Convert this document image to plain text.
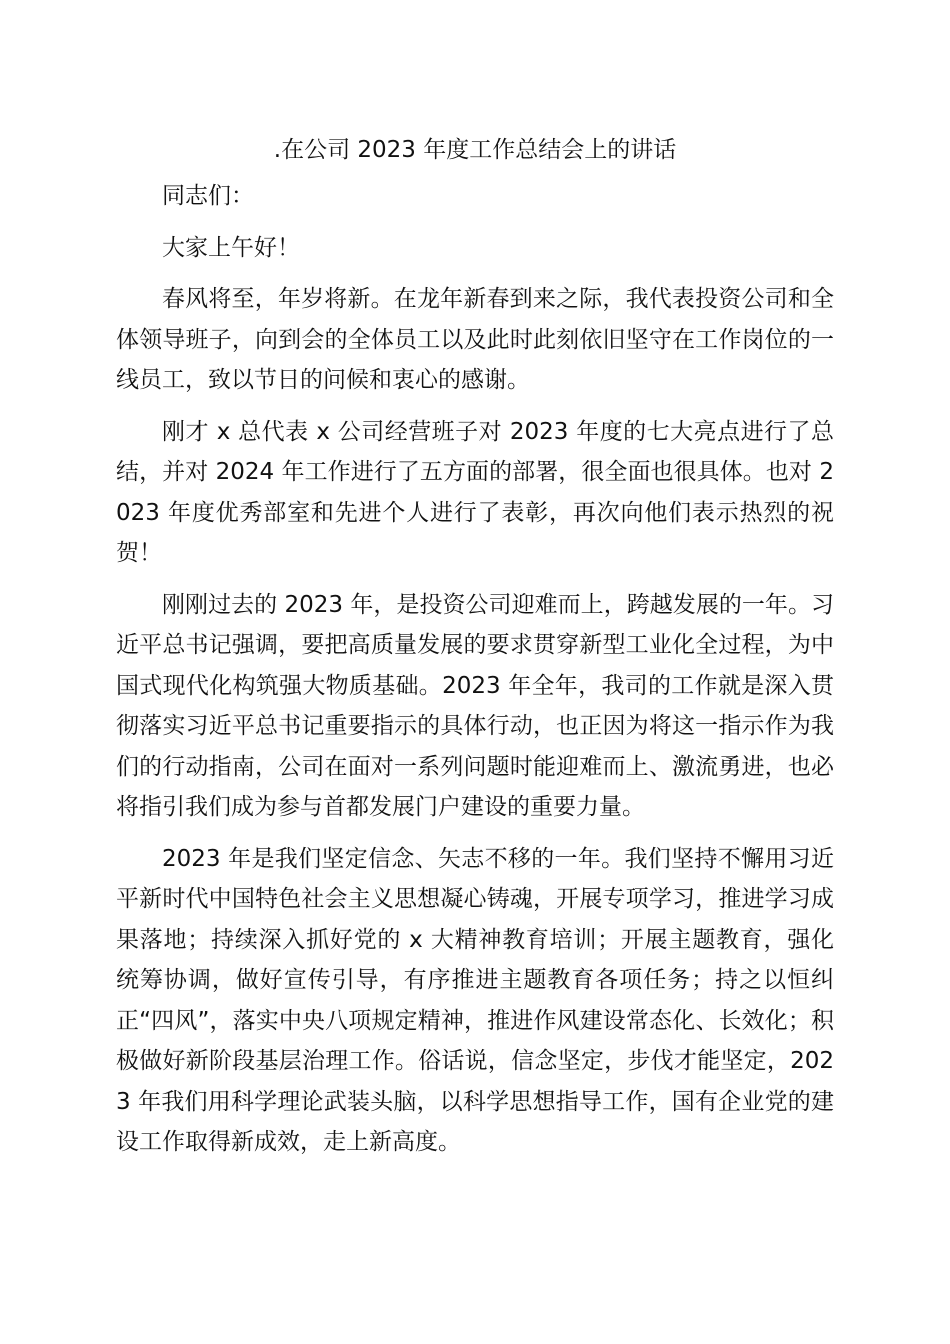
.在公司 2023 年度工作总结会上的讲话

同志们：

大家上午好！

春风将至，年岁将新。在龙年新春到来之际，我代表投资公司和全体领导班子，向到会的全体员工以及此时此刻依旧坚守在工作岗位的一线员工，致以节日的问候和衷心的感谢。

刚才 x 总代表 x 公司经营班子对 2023 年度的七大亮点进行了总结，并对 2024 年工作进行了五方面的部署，很全面也很具体。也对 2023 年度优秀部室和先进个人进行了表彰，再次向他们表示热烈的祝贺！

刚刚过去的 2023 年，是投资公司迎难而上，跨越发展的一年。习近平总书记强调，要把高质量发展的要求贯穿新型工业化全过程，为中国式现代化构筑强大物质基础。2023 年全年，我司的工作就是深入贯彻落实习近平总书记重要指示的具体行动，也正因为将这一指示作为我们的行动指南，公司在面对一系列问题时能迎难而上、激流勇进，也必将指引我们成为参与首都发展门户建设的重要力量。

2023 年是我们坚定信念、矢志不移的一年。我们坚持不懈用习近平新时代中国特色社会主义思想凝心铸魂，开展专项学习，推进学习成果落地；持续深入抓好党的 x 大精神教育培训；开展主题教育，强化统筹协调，做好宣传引导，有序推进主题教育各项任务；持之以恒纠正“四风”，落实中央八项规定精神，推进作风建设常态化、长效化；积极做好新阶段基层治理工作。俗话说，信念坚定，步伐才能坚定，2023 年我们用科学理论武装头脑，以科学思想指导工作，国有企业党的建设工作取得新成效，走上新高度。
